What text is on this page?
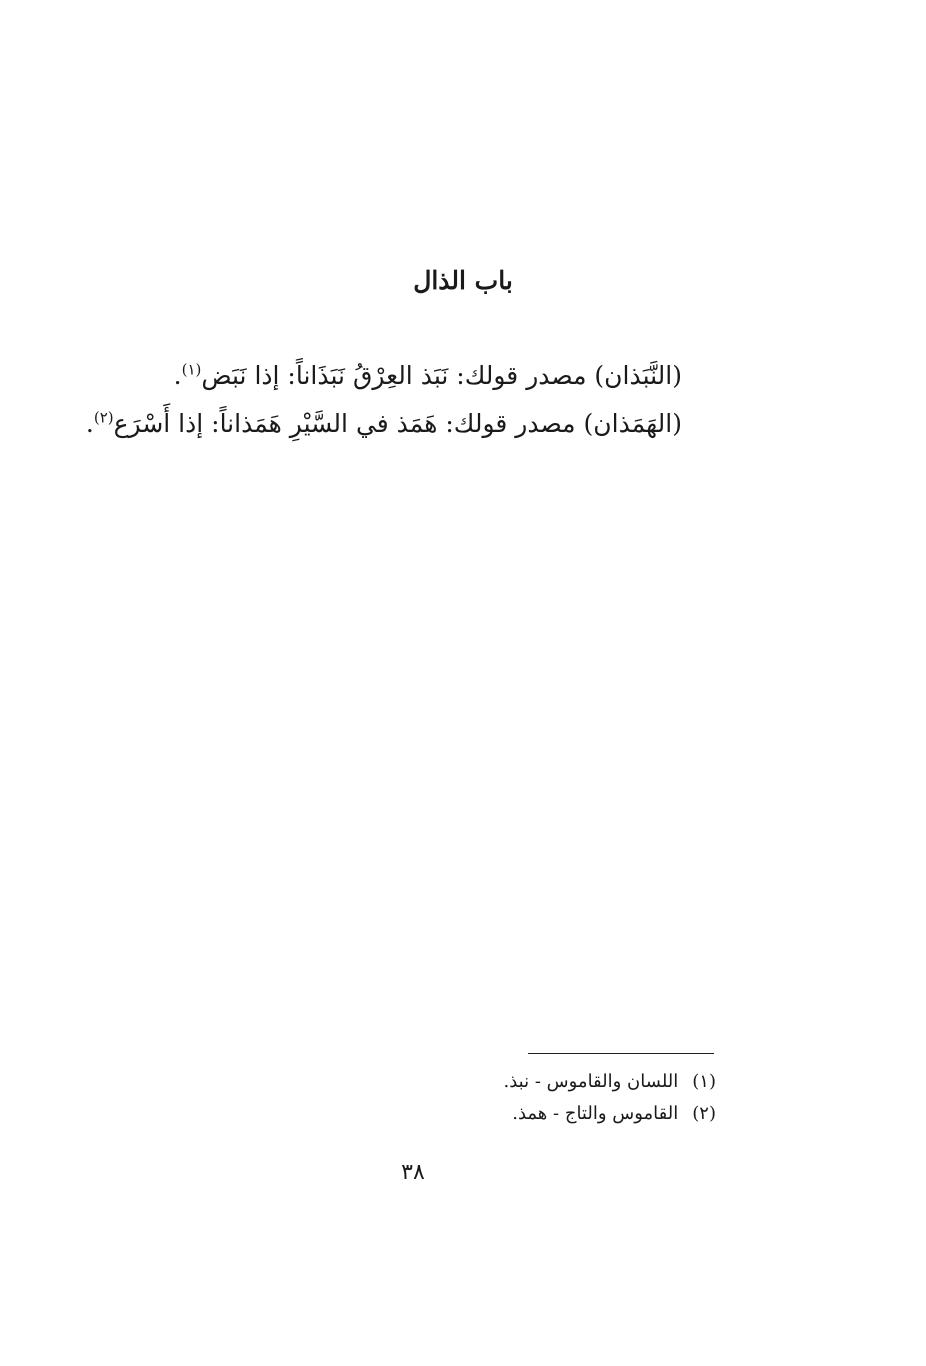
باب الذال
(النَّبَذان) مصدر قولك: نَبَذ العِرْقُ نَبَذَاناً: إذا نَبَض$^{(١)}$.
(الهَمَذان) مصدر قولك: هَمَذ في السَّيْرِ هَمَذاناً: إذا أَسْرَع$^{(٢)}$.
(١)اللسان والقاموس - نبذ.
(٢)القاموس والتاج - همذ.
٣٨
